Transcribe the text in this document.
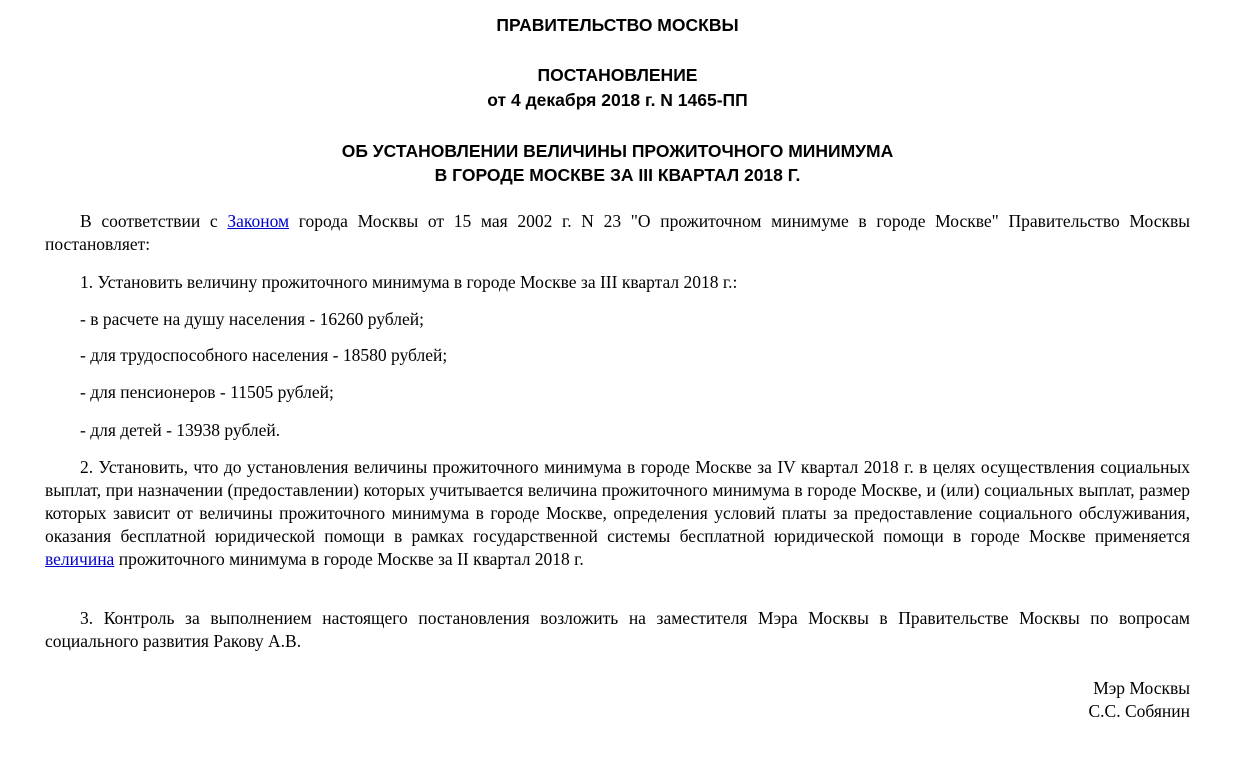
ПРАВИТЕЛЬСТВО МОСКВЫ

ПОСТАНОВЛЕНИЕ

от 4 декабря 2018 г. N 1465-ПП

ОБ УСТАНОВЛЕНИИ ВЕЛИЧИНЫ ПРОЖИТОЧНОГО МИНИМУМА

В ГОРОДЕ МОСКВЕ ЗА III КВАРТАЛ 2018 Г.

В соответствии с Законом города Москвы от 15 мая 2002 г. N 23 "О прожиточном минимуме в городе Москве" Правительство Москвы постановляет:

1. Установить величину прожиточного минимума в городе Москве за III квартал 2018 г.:

- в расчете на душу населения - 16260 рублей;

- для трудоспособного населения - 18580 рублей;

- для пенсионеров - 11505 рублей;

- для детей - 13938 рублей.

2. Установить, что до установления величины прожиточного минимума в городе Москве за IV квартал 2018 г. в целях осуществления социальных выплат, при назначении (предоставлении) которых учитывается величина прожиточного минимума в городе Москве, и (или) социальных выплат, размер которых зависит от величины прожиточного минимума в городе Москве, определения условий платы за предоставление социального обслуживания, оказания бесплатной юридической помощи в рамках государственной системы бесплатной юридической помощи в городе Москве применяется величина прожиточного минимума в городе Москве за II квартал 2018 г.

3. Контроль за выполнением настоящего постановления возложить на заместителя Мэра Москвы в Правительстве Москвы по вопросам социального развития Ракову А.В.

Мэр Москвы

С.С. Собянин
